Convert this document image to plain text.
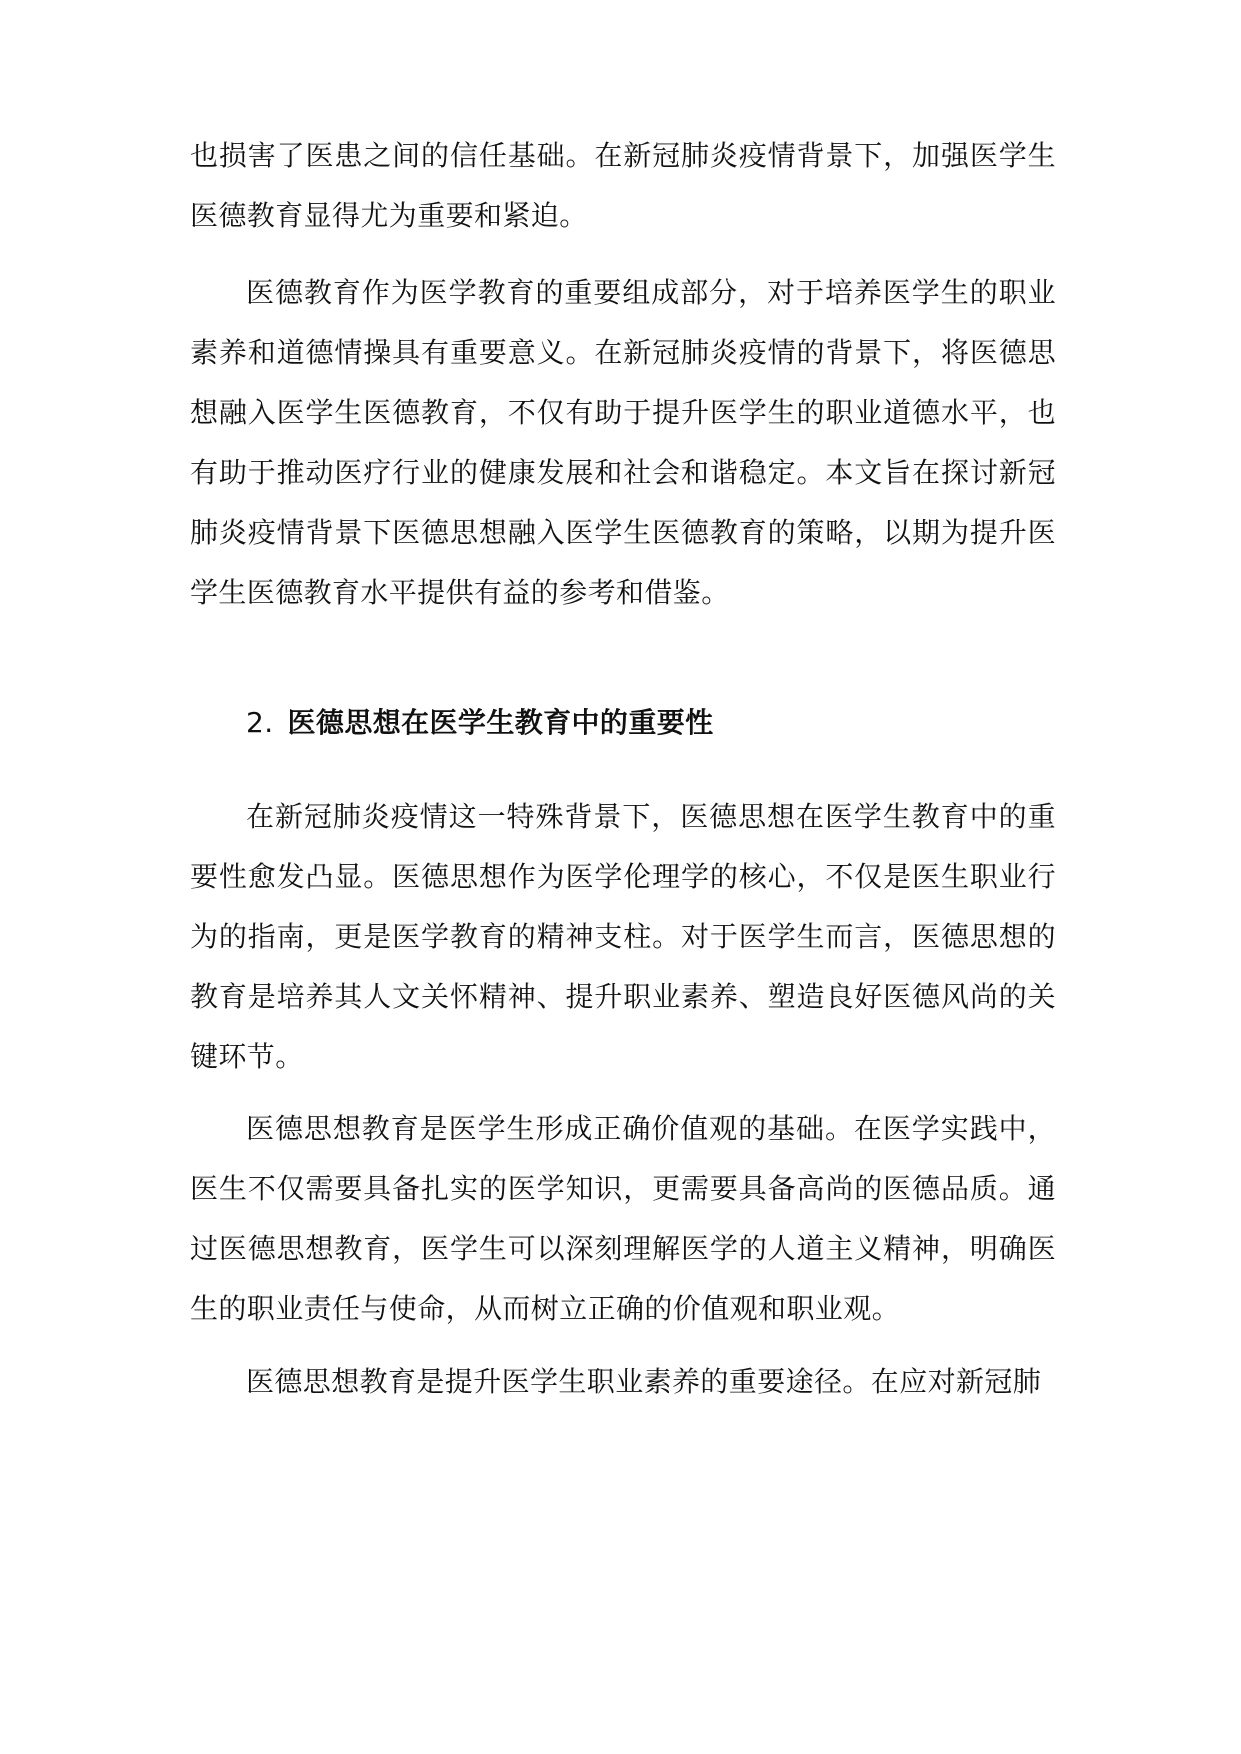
也损害了医患之间的信任基础。在新冠肺炎疫情背景下，加强医学生医德教育显得尤为重要和紧迫。

医德教育作为医学教育的重要组成部分，对于培养医学生的职业素养和道德情操具有重要意义。在新冠肺炎疫情的背景下，将医德思想融入医学生医德教育，不仅有助于提升医学生的职业道德水平，也有助于推动医疗行业的健康发展和社会和谐稳定。本文旨在探讨新冠肺炎疫情背景下医德思想融入医学生医德教育的策略，以期为提升医学生医德教育水平提供有益的参考和借鉴。

2. 医德思想在医学生教育中的重要性

在新冠肺炎疫情这一特殊背景下，医德思想在医学生教育中的重要性愈发凸显。医德思想作为医学伦理学的核心，不仅是医生职业行为的指南，更是医学教育的精神支柱。对于医学生而言，医德思想的教育是培养其人文关怀精神、提升职业素养、塑造良好医德风尚的关键环节。

医德思想教育是医学生形成正确价值观的基础。在医学实践中，医生不仅需要具备扎实的医学知识，更需要具备高尚的医德品质。通过医德思想教育，医学生可以深刻理解医学的人道主义精神，明确医生的职业责任与使命，从而树立正确的价值观和职业观。

医德思想教育是提升医学生职业素养的重要途径。在应对新冠肺
